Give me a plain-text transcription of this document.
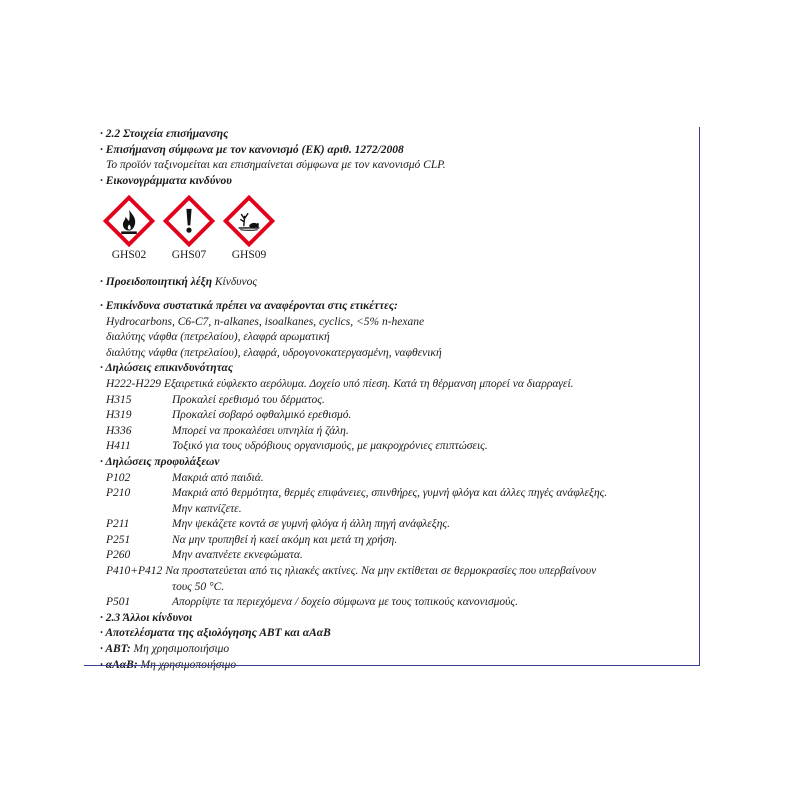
· 2.2 Στοιχεία επισήμανσης
· Επισήμανση σύμφωνα με τον κανονισμό (ΕΚ) αριθ. 1272/2008
Το προϊόν ταξινομείται και επισημαίνεται σύμφωνα με τον κανονισμό CLP.
· Εικονογράμματα κινδύνου
GHS02 GHS07 GHS09
· Προειδοποιητική λέξη Κίνδυνος
· Επικίνδυνα συστατικά πρέπει να αναφέρονται στις ετικέττες:
Hydrocarbons, C6-C7, n-alkanes, isoalkanes, cyclics, <5% n-hexane
διαλύτης νάφθα (πετρελαίου), ελαφρά αρωματική
διαλύτης νάφθα (πετρελαίου), ελαφρά, υδρογονοκατεργασμένη, ναφθενική
· Δηλώσεις επικινδυνότητας
H222-H229 Εξαιρετικά εύφλεκτο αερόλυμα. Δοχείο υπό πίεση. Κατά τη θέρμανση μπορεί να διαρραγεί.
H315	Προκαλεί ερεθισμό του δέρματος.
H319	Προκαλεί σοβαρό οφθαλμικό ερεθισμό.
H336	Μπορεί να προκαλέσει υπνηλία ή ζάλη.
H411	Τοξικό για τους υδρόβιους οργανισμούς, με μακροχρόνιες επιπτώσεις.
· Δηλώσεις προφυλάξεων
P102	Μακριά από παιδιά.
P210	Μακριά από θερμότητα, θερμές επιφάνειες, σπινθήρες, γυμνή φλόγα και άλλες πηγές ανάφλεξης.
Μην καπνίζετε.
P211	Μην ψεκάζετε κοντά σε γυμνή φλόγα ή άλλη πηγή ανάφλεξης.
P251	Να μην τρυπηθεί ή καεί ακόμη και μετά τη χρήση.
P260	Μην αναπνέετε εκνεφώματα.
P410+P412 Να προστατεύεται από τις ηλιακές ακτίνες. Να μην εκτίθεται σε θερμοκρασίες που υπερβαίνουν
τους 50 °C.
P501	Απορρίψτε τα περιεχόμενα / δοχείο σύμφωνα με τους τοπικούς κανονισμούς.
· 2.3 Άλλοι κίνδυνοι
· Αποτελέσματα της αξιολόγησης ΑΒΤ και αΑαΒ
· ΑΒΤ: Μη χρησιμοποιήσιμο
· αΑαΒ: Μη χρησιμοποιήσιμο
